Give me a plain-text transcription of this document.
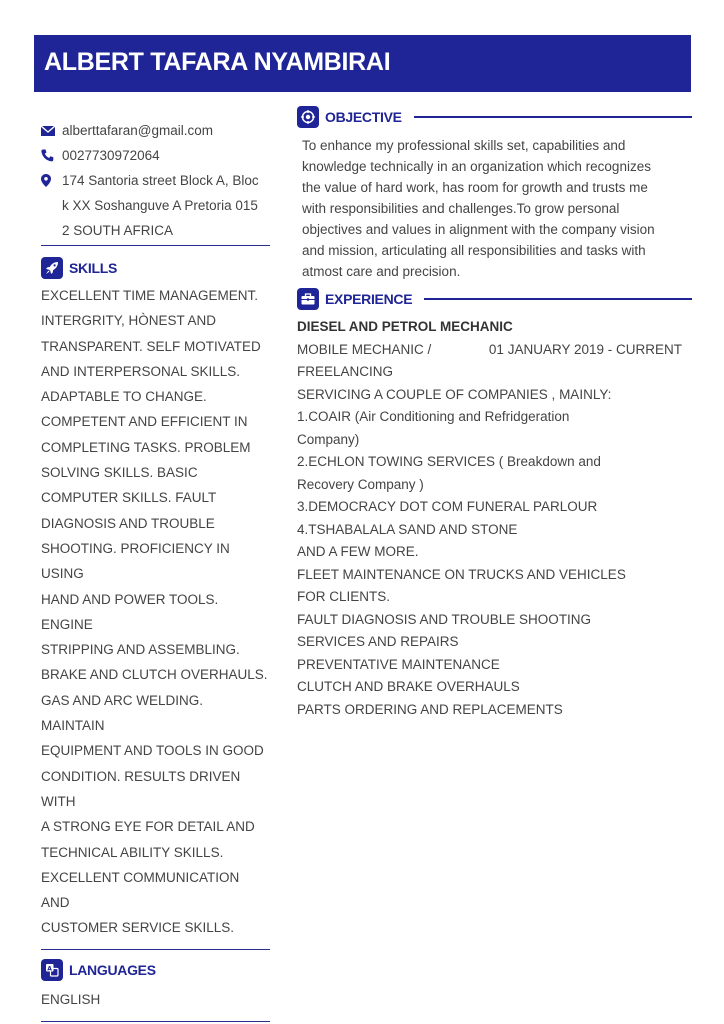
ALBERT TAFARA NYAMBIRAI
alberttafaran@gmail.com
0027730972064
174 Santoria street Block A, Bloc
k XX Soshanguve A Pretoria 015
2 SOUTH AFRICA
SKILLS
EXCELLENT TIME MANAGEMENT.
INTERGRITY, HÒNEST AND
TRANSPARENT. SELF MOTIVATED
AND INTERPERSONAL SKILLS.
ADAPTABLE TO CHANGE.
COMPETENT AND EFFICIENT IN
COMPLETING TASKS. PROBLEM
SOLVING SKILLS. BASIC
COMPUTER SKILLS. FAULT
DIAGNOSIS AND TROUBLE
SHOOTING. PROFICIENCY IN USING
HAND AND POWER TOOLS. ENGINE
STRIPPING AND ASSEMBLING.
BRAKE AND CLUTCH OVERHAULS.
GAS AND ARC WELDING. MAINTAIN
EQUIPMENT AND TOOLS IN GOOD
CONDITION. RESULTS DRIVEN WITH
A STRONG EYE FOR DETAIL AND
TECHNICAL ABILITY SKILLS.
EXCELLENT COMMUNICATION AND
CUSTOMER SERVICE SKILLS.
A LANGUAGES
ENGLISH
OBJECTIVE
To enhance my professional skills set, capabilities and
knowledge technically in an organization which recognizes
the value of hard work, has room for growth and trusts me
with responsibilities and challenges.To grow personal
objectives and values in alignment with the company vision
and mission, articulating all responsibilities and tasks with
atmost care and precision.
EXPERIENCE
DIESEL AND PETROL MECHANIC
MOBILE MECHANIC /	01 JANUARY 2019 - CURRENT
FREELANCING
SERVICING A COUPLE OF COMPANIES , MAINLY:
1.COAIR (Air Conditioning and Refridgeration
Company)
2.ECHLON TOWING SERVICES ( Breakdown and
Recovery Company )
3.DEMOCRACY DOT COM FUNERAL PARLOUR
4.TSHABALALA SAND AND STONE
AND A FEW MORE.
FLEET MAINTENANCE ON TRUCKS AND VEHICLES
FOR CLIENTS.
FAULT DIAGNOSIS AND TROUBLE SHOOTING
SERVICES AND REPAIRS
PREVENTATIVE MAINTENANCE
CLUTCH AND BRAKE OVERHAULS
PARTS ORDERING AND REPLACEMENTS
